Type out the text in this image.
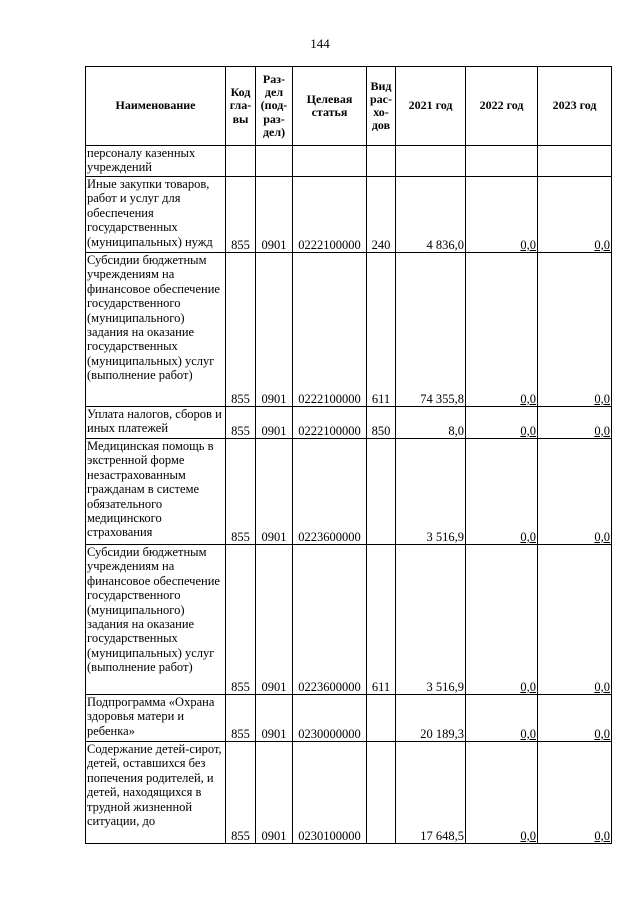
144
Наименование	Код гла-вы	Раз-дел (под-раз-дел)	Целевая статья	Вид рас-хо-дов	2021 год	2022 год	2023 год
персоналу казенных учреждений							
Иные закупки товаров, работ и услуг для обеспечения государственных (муниципальных) нужд	855	0901	0222100000	240	4 836,0	0,0	0,0
Субсидии бюджетным учреждениям на финансовое обеспечение государственного (муниципального) задания на оказание государственных (муниципальных) услуг (выполнение работ)	855	0901	0222100000	611	74 355,8	0,0	0,0
Уплата налогов, сборов и иных платежей	855	0901	0222100000	850	8,0	0,0	0,0
Медицинская помощь в экстренной форме незастрахованным гражданам в системе обязательного медицинского страхования	855	0901	0223600000		3 516,9	0,0	0,0
Субсидии бюджетным учреждениям на финансовое обеспечение государственного (муниципального) задания на оказание государственных (муниципальных) услуг (выполнение работ)	855	0901	0223600000	611	3 516,9	0,0	0,0
Подпрограмма «Охрана здоровья матери и ребенка»	855	0901	0230000000		20 189,3	0,0	0,0
Содержание детей-сирот, детей, оставшихся без попечения родителей, и детей, находящихся в трудной жизненной ситуации, до	855	0901	0230100000		17 648,5	0,0	0,0
